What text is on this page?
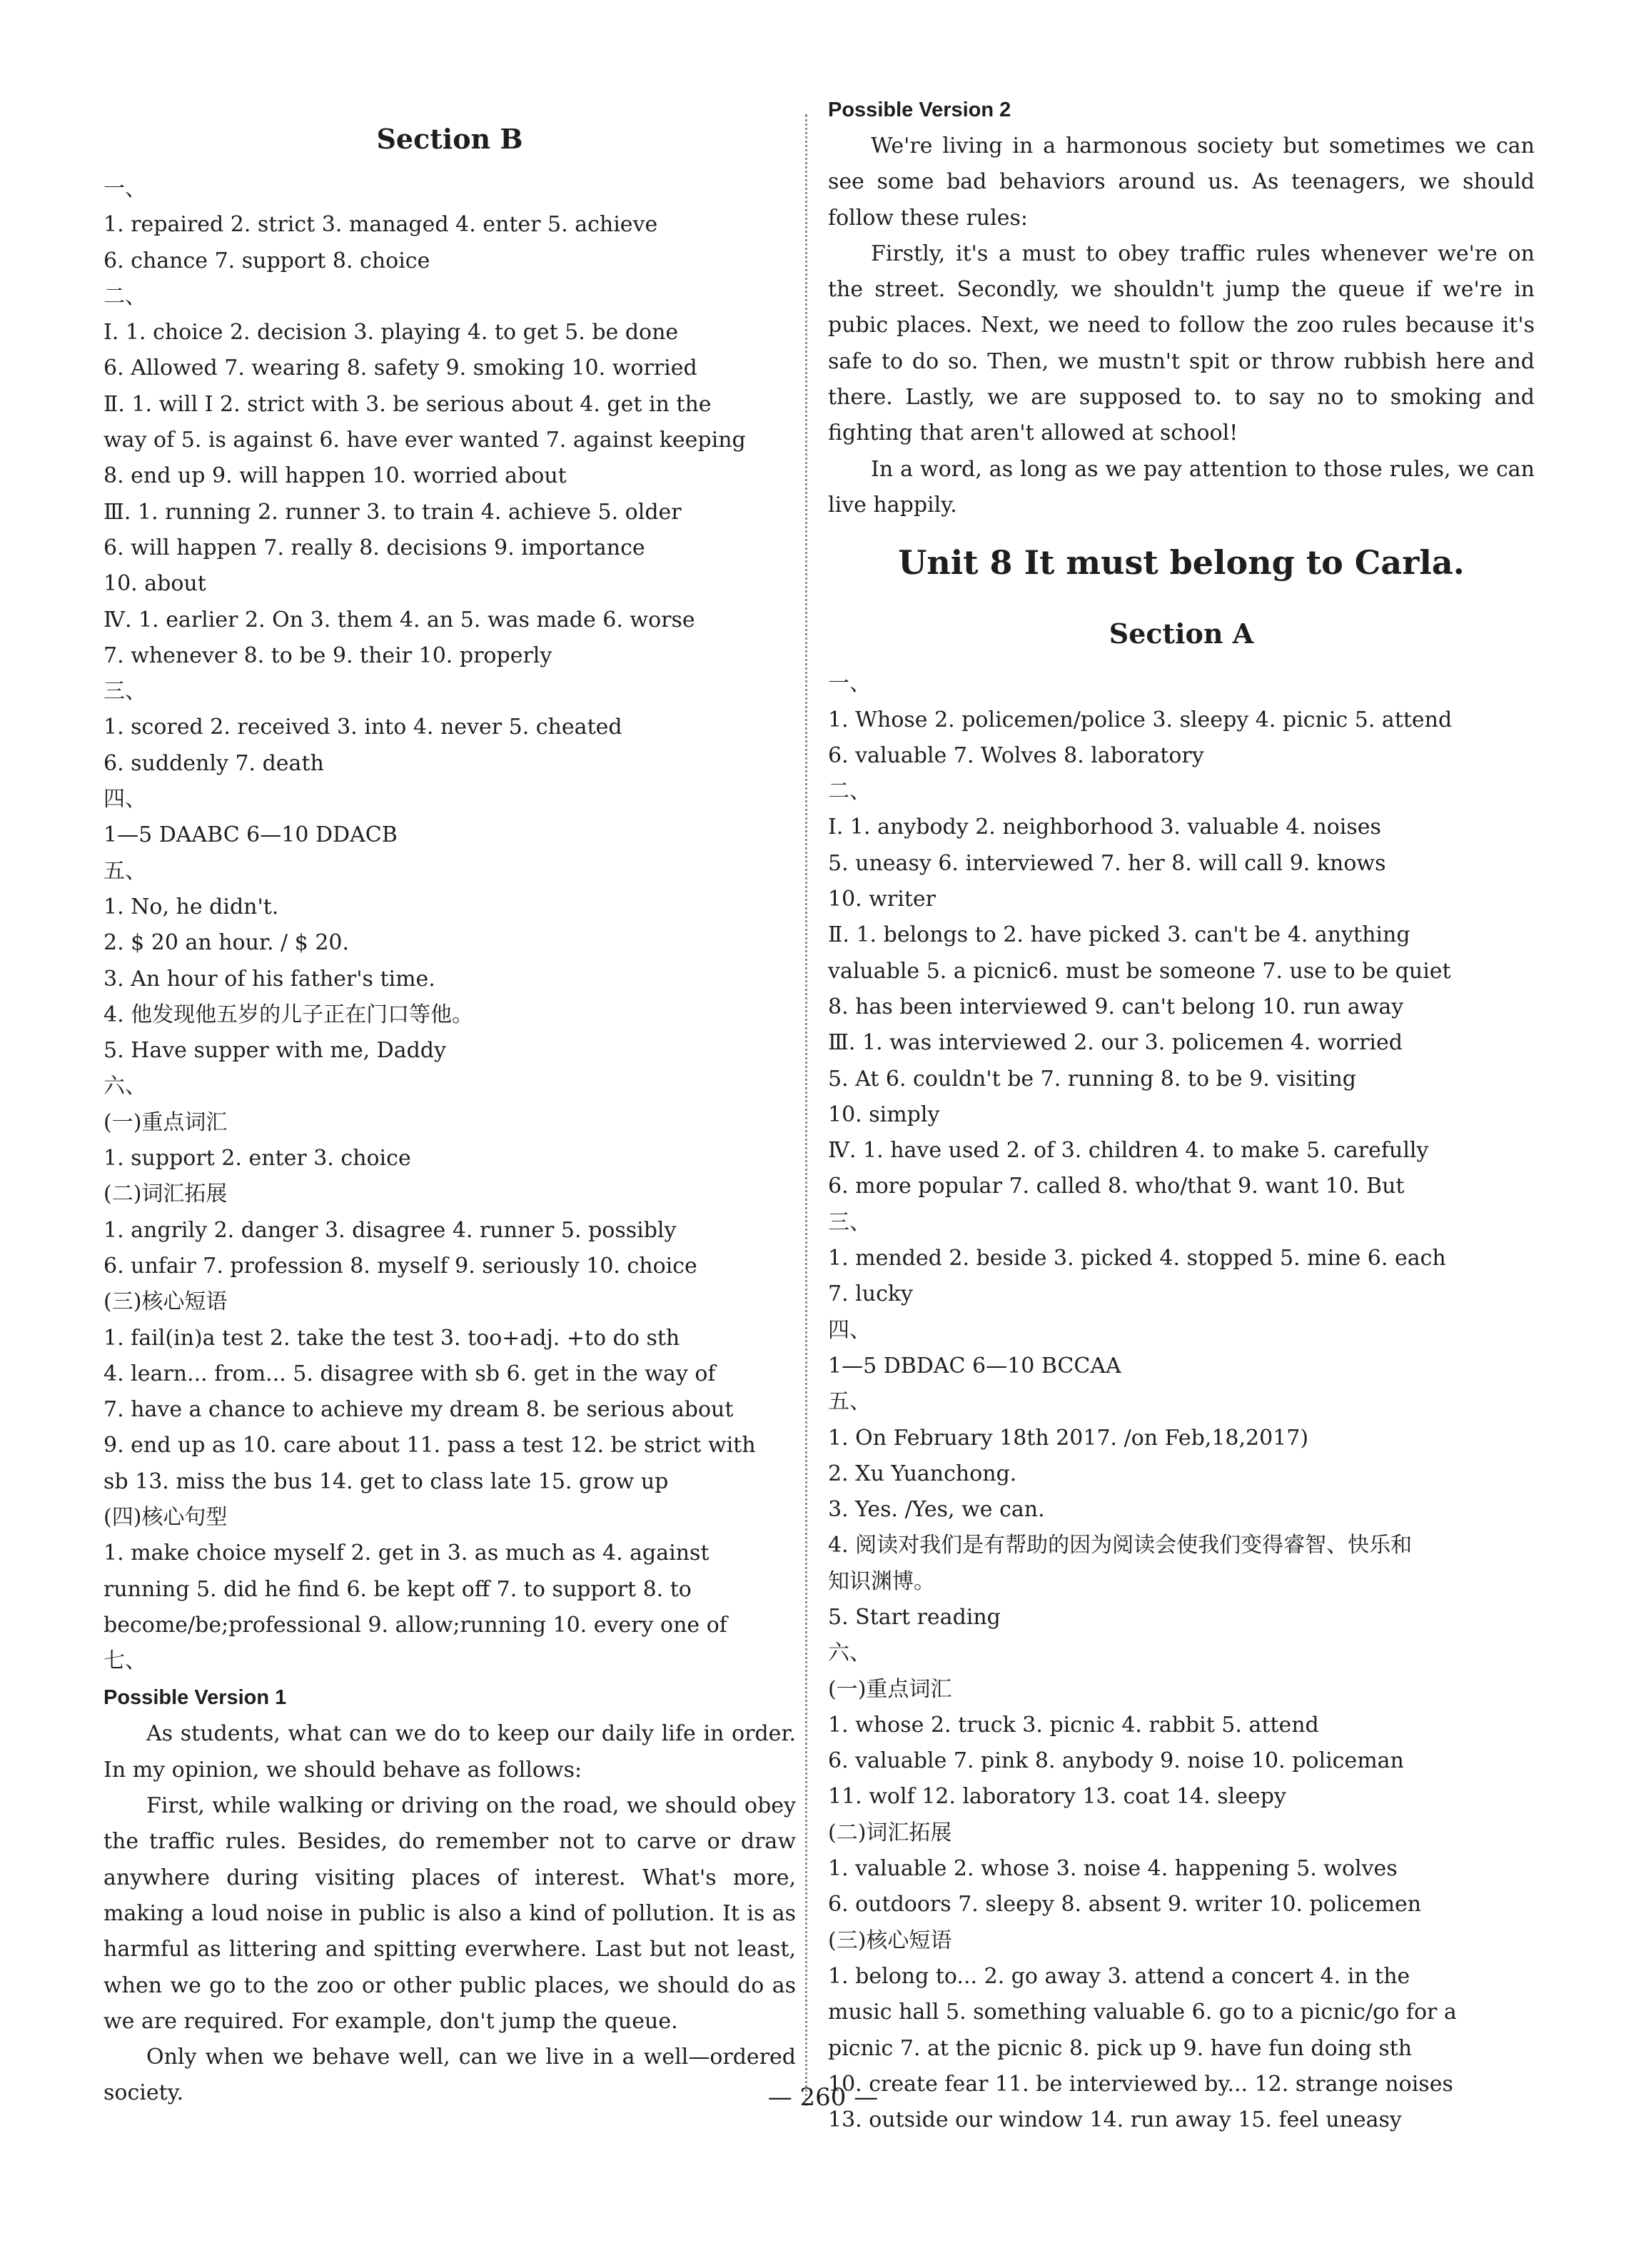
Section B
一、
1. repaired 2. strict 3. managed 4. enter 5. achieve
6. chance 7. support 8. choice
二、
Ⅰ. 1. choice 2. decision 3. playing 4. to get 5. be done
6. Allowed 7. wearing 8. safety 9. smoking 10. worried
Ⅱ. 1. will I 2. strict with 3. be serious about 4. get in the
way of 5. is against 6. have ever wanted 7. against keeping
8. end up 9. will happen 10. worried about
Ⅲ. 1. running 2. runner 3. to train 4. achieve 5. older
6. will happen 7. really 8. decisions 9. importance
10. about
Ⅳ. 1. earlier 2. On 3. them 4. an 5. was made 6. worse
7. whenever 8. to be 9. their 10. properly
三、
1. scored 2. received 3. into 4. never 5. cheated
6. suddenly 7. death
四、
1—5 DAABC 6—10 DDACB
五、
1. No, he didn't.
2. $ 20 an hour. / $ 20.
3. An hour of his father's time.
4. 他发现他五岁的儿子正在门口等他。
5. Have supper with me, Daddy
六、
(一)重点词汇
1. support 2. enter 3. choice
(二)词汇拓展
1. angrily 2. danger 3. disagree 4. runner 5. possibly
6. unfair 7. profession 8. myself 9. seriously 10. choice
(三)核心短语
1. fail(in)a test 2. take the test 3. too+adj. +to do sth
4. learn... from... 5. disagree with sb 6. get in the way of
7. have a chance to achieve my dream 8. be serious about
9. end up as 10. care about 11. pass a test 12. be strict with
sb 13. miss the bus 14. get to class late 15. grow up
(四)核心句型
1. make choice myself 2. get in 3. as much as 4. against
running 5. did he find 6. be kept off 7. to support 8. to
become/be;professional 9. allow;running 10. every one of
七、
Possible Version 1
As students, what can we do to keep our daily life in order. In my opinion, we should behave as follows:
First, while walking or driving on the road, we should obey the traffic rules. Besides, do remember not to carve or draw anywhere during visiting places of interest. What's more, making a loud noise in public is also a kind of pollution. It is as harmful as littering and spitting everwhere. Last but not least, when we go to the zoo or other public places, we should do as we are required. For example, don't jump the queue.
Only when we behave well, can we live in a well—ordered society.
Possible Version 2
We're living in a harmonous society but sometimes we can see some bad behaviors around us. As teenagers, we should follow these rules:
Firstly, it's a must to obey traffic rules whenever we're on the street. Secondly, we shouldn't jump the queue if we're in pubic places. Next, we need to follow the zoo rules because it's safe to do so. Then, we mustn't spit or throw rubbish here and there. Lastly, we are supposed to. to say no to smoking and fighting that aren't allowed at school!
In a word, as long as we pay attention to those rules, we can live happily.
Unit 8 It must belong to Carla.
Section A
一、
1. Whose 2. policemen/police 3. sleepy 4. picnic 5. attend
6. valuable 7. Wolves 8. laboratory
二、
Ⅰ. 1. anybody 2. neighborhood 3. valuable 4. noises
5. uneasy 6. interviewed 7. her 8. will call 9. knows
10. writer
Ⅱ. 1. belongs to 2. have picked 3. can't be 4. anything
valuable 5. a picnic6. must be someone 7. use to be quiet
8. has been interviewed 9. can't belong 10. run away
Ⅲ. 1. was interviewed 2. our 3. policemen 4. worried
5. At 6. couldn't be 7. running 8. to be 9. visiting
10. simply
Ⅳ. 1. have used 2. of 3. children 4. to make 5. carefully
6. more popular 7. called 8. who/that 9. want 10. But
三、
1. mended 2. beside 3. picked 4. stopped 5. mine 6. each
7. lucky
四、
1—5 DBDAC 6—10 BCCAA
五、
1. On February 18th 2017. /on Feb,18,2017)
2. Xu Yuanchong.
3. Yes. /Yes, we can.
4. 阅读对我们是有帮助的因为阅读会使我们变得睿智、快乐和
知识渊博。
5. Start reading
六、
(一)重点词汇
1. whose 2. truck 3. picnic 4. rabbit 5. attend
6. valuable 7. pink 8. anybody 9. noise 10. policeman
11. wolf 12. laboratory 13. coat 14. sleepy
(二)词汇拓展
1. valuable 2. whose 3. noise 4. happening 5. wolves
6. outdoors 7. sleepy 8. absent 9. writer 10. policemen
(三)核心短语
1. belong to... 2. go away 3. attend a concert 4. in the
music hall 5. something valuable 6. go to a picnic/go for a
picnic 7. at the picnic 8. pick up 9. have fun doing sth
10. create fear 11. be interviewed by... 12. strange noises
13. outside our window 14. run away 15. feel uneasy
— 260 —
